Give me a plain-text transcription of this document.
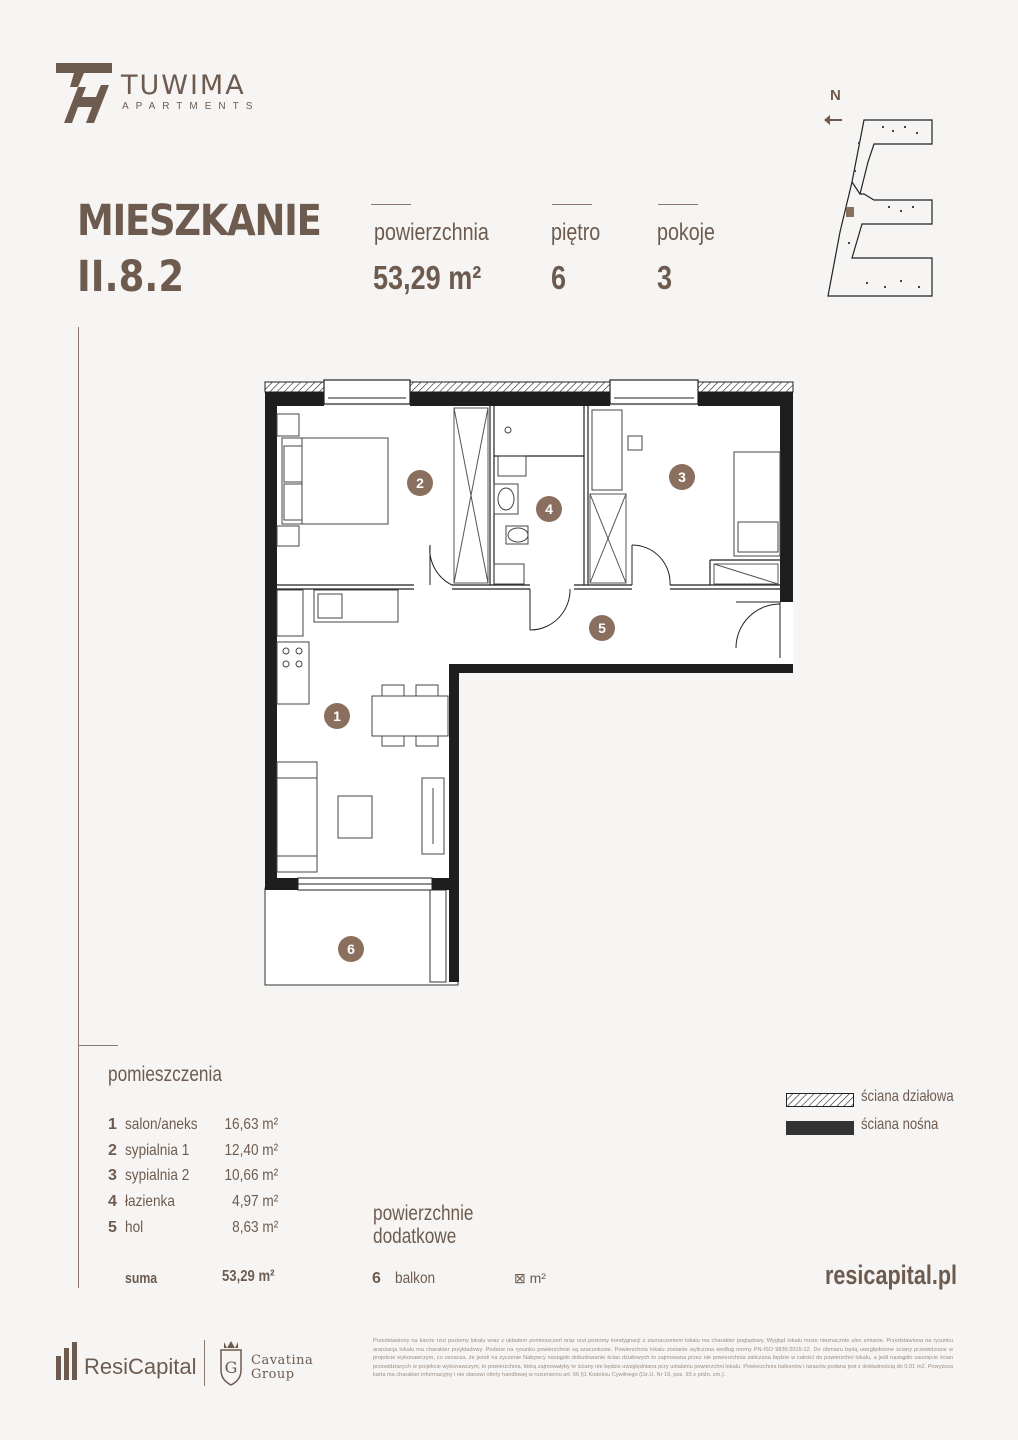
TUWIMA
APARTMENTS
MIESZKANIE
II.8.2
powierzchnia
53,29 m²
piętro
6
pokoje
3
N
1
2	3
4
5
6
pomieszczenia
1 salon/aneks 16,63 m²
2 sypialnia 1 12,40 m²
3 sypialnia 2 10,66 m²
4 łazienka	4,97 m²
5 hol	8,63 m²
suma	53,29 m²
powierzchnie dodatkowe
6 balkon	⊠ m²
ściana działowa
ściana nośna
resicapital.pl
ResiCapital G Cavatina
Group
Przedstawiony na karcie rzut poziomy lokalu wraz z układem pomieszczeń oraz rzut poziomy kondygnacji z zaznaczeniem lokalu ma charakter poglądowy. Wygląd lokalu może nieznacznie ulec zmianie. Przedstawiona na rysunku aranżacja lokalu ma charakter przykładowy. Podane na rysunku powierzchnie są szacunkowe. Powierzchnia lokalu zostanie wyliczona według normy PN-ISO 9836:2015-12. Do obmiaru będą uwzględnione ściany przewidziane w projekcie wykonawczym, co oznacza, że jeżeli na życzenie Nabywcy nastąpiło dobudowanie ścian działowych to zajmowana przez nie powierzchnia zaliczana będzie w całości do powierzchni lokalu, a jeśli nastąpiło usunięcie ścian przewidzianych w projekcie wykonawczym, to powierzchnia, którą zajmowałyby te ściany nie będzie uwzględniana przy ustalaniu powierzchni lokalu. Powierzchnia balkonów i tarasów podana jest z dokładnością do 0,01 m2. Powyższa karta ma charakter informacyjny i nie stanowi oferty handlowej w rozumieniu art. 66 §1 Kodeksu Cywilnego (Dz.U. Nr 16, poz. 93 z późn. zm.).
